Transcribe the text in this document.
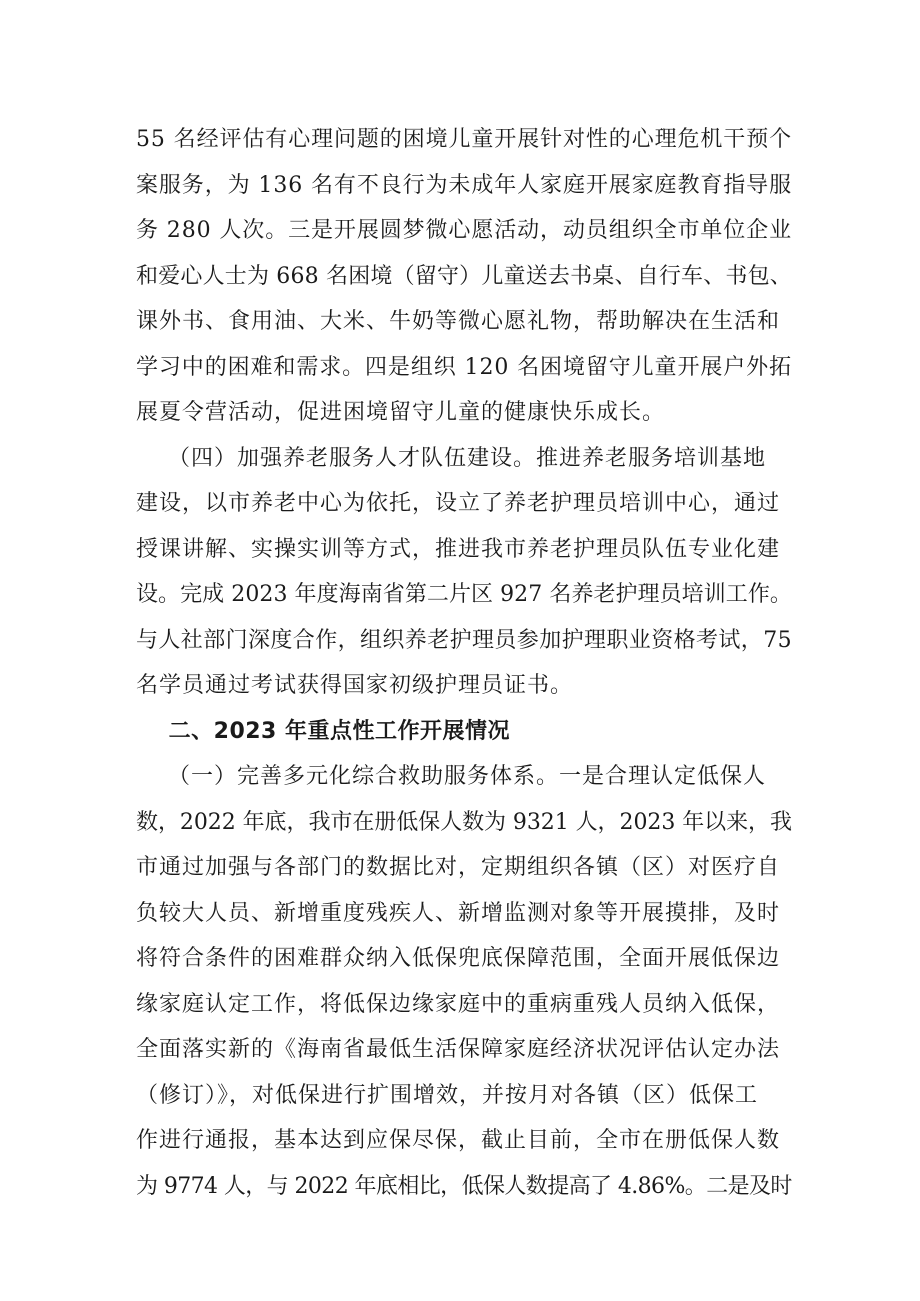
55 名经评估有心理问题的困境儿童开展针对性的心理危机干预个
案服务，为 136 名有不良行为未成年人家庭开展家庭教育指导服
务 280 人次。三是开展圆梦微心愿活动，动员组织全市单位企业
和爱心人士为 668 名困境（留守）儿童送去书桌、自行车、书包、
课外书、食用油、大米、牛奶等微心愿礼物，帮助解决在生活和
学习中的困难和需求。四是组织 120 名困境留守儿童开展户外拓
展夏令营活动，促进困境留守儿童的健康快乐成长。
（四）加强养老服务人才队伍建设。推进养老服务培训基地
建设，以市养老中心为依托，设立了养老护理员培训中心，通过
授课讲解、实操实训等方式，推进我市养老护理员队伍专业化建
设。完成 2023 年度海南省第二片区 927 名养老护理员培训工作。
与人社部门深度合作，组织养老护理员参加护理职业资格考试，75
名学员通过考试获得国家初级护理员证书。
二、2023 年重点性工作开展情况
（一）完善多元化综合救助服务体系。一是合理认定低保人
数，2022 年底，我市在册低保人数为 9321 人，2023 年以来，我
市通过加强与各部门的数据比对，定期组织各镇（区）对医疗自
负较大人员、新增重度残疾人、新增监测对象等开展摸排，及时
将符合条件的困难群众纳入低保兜底保障范围，全面开展低保边
缘家庭认定工作，将低保边缘家庭中的重病重残人员纳入低保，
全面落实新的《海南省最低生活保障家庭经济状况评估认定办法
（修订）》，对低保进行扩围增效，并按月对各镇（区）低保工
作进行通报，基本达到应保尽保，截止目前，全市在册低保人数
为 9774 人，与 2022 年底相比，低保人数提高了 4.86%。二是及时
